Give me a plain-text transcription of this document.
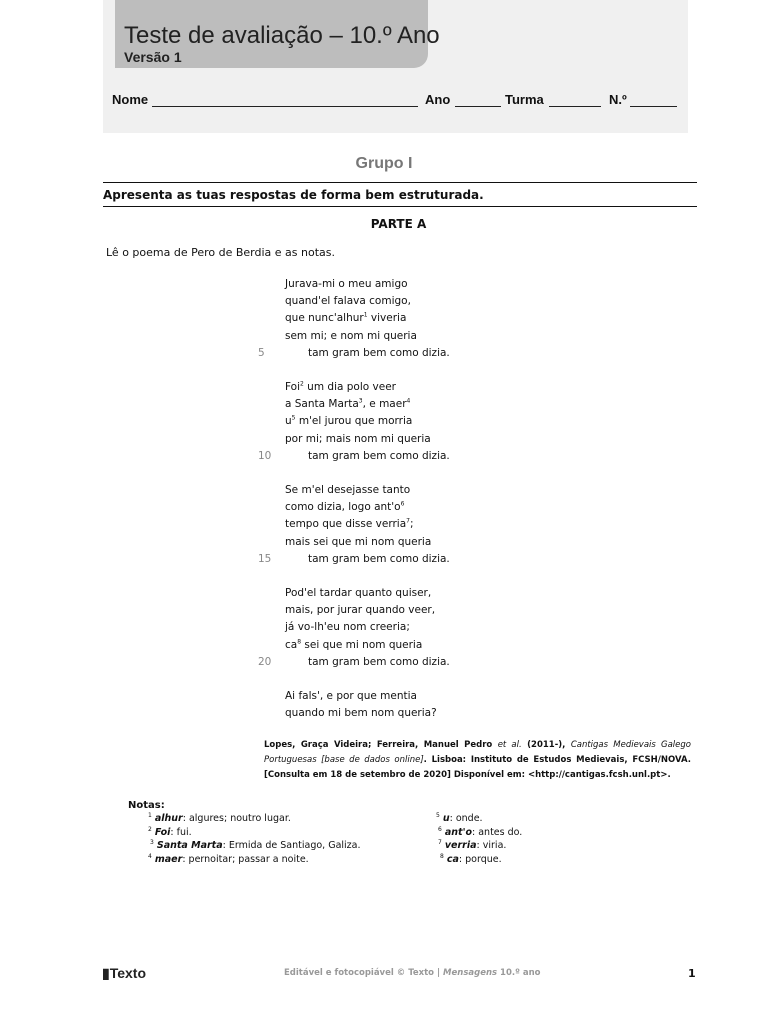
Teste de avaliação – 10.º Ano
Versão 1
Nome	Ano	Turma	N.º
Grupo I
Apresenta as tuas respostas de forma bem estruturada.
PARTE A
Lê o poema de Pero de Berdia e as notas.
Jurava-mi o meu amigo
quand'el falava comigo,
que nunc'alhur$^1$ viveria
sem mi; e nom mi queria
tam gram bem como dizia.
Foi$^2$ um dia polo veer
a Santa Marta$^3$, e maer$^4$
$u^5$ m'el jurou que morria
por mi; mais nom mi queria
tam gram bem como dizia.
Se m'el desejasse tanto
como dizia, logo $ant'o^6$
tempo que disse verria$^7$;
mais sei que mi nom queria
tam gram bem como dizia.
Pod'el tardar quanto quiser,
mais, por jurar quando veer,
já vo-lh'eu nom creeria;
$ca^8$ sei que mi nom queria
tam gram bem como dizia.
Ai fals', e por que mentia
quando mi bem nom queria?
5
10
15
20
Lopes, Graça Videira; Ferreira, Manuel Pedro et al. (2011-), Cantigas Medievais Galego Portuguesas [base de dados online]. Lisboa: Instituto de Estudos Medievais, FCSH/NOVA. [Consulta em 18 de setembro de 2020] Disponível em: <http://cantigas.fcsh.unl.pt>.
Notas:
$^1$ alhur: algures; noutro lugar.
$^2$ Foi: fui.
$^3$ Santa Marta: Ermida de Santiago, Galiza.
$^4$ maer: pernoitar; passar a noite.
$^5$ u: onde.
$^6$ ant'o: antes do.
$^7$ verria: viria.
$^8$ ca: porque.
▮Texto	Editável e fotocopiável © Texto | Mensagens 10.º ano	1
